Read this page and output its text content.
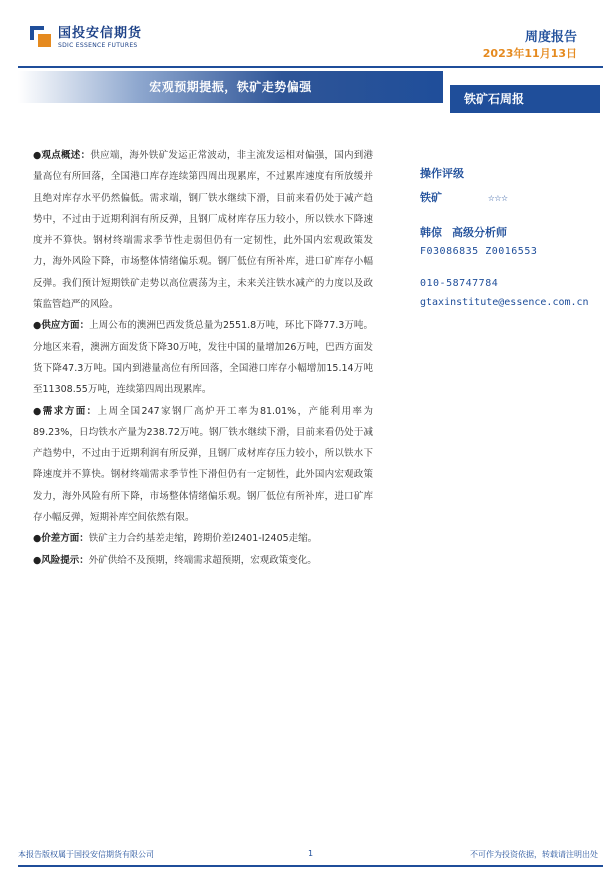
国投安信期货
SDIC ESSENCE FUTURES
周度报告
2023年11月13日
宏观预期提振，铁矿走势偏强
铁矿石周报

●观点概述：供应端，海外铁矿发运正常波动，非主流发运相对偏强，国内到港量高位有所回落，全国港口库存连续第四周出现累库，不过累库速度有所放缓并且绝对库存水平仍然偏低。需求端，钢厂铁水继续下滑，目前来看仍处于减产趋势中，不过由于近期利润有所反弹，且钢厂成材库存压力较小，所以铁水下降速度并不算快。钢材终端需求季节性走弱但仍有一定韧性，此外国内宏观政策发力，海外风险下降，市场整体情绪偏乐观。钢厂低位有所补库，进口矿库存小幅反弹。我们预计短期铁矿走势以高位震荡为主，未来关注铁水减产的力度以及政策监管趋严的风险。

●供应方面：上周公布的澳洲巴西发货总量为2551.8万吨，环比下降77.3万吨。分地区来看，澳洲方面发货下降30万吨，发往中国的量增加26万吨，巴西方面发货下降47.3万吨。国内到港量高位有所回落，全国港口库存小幅增加15.14万吨至11308.55万吨，连续第四周出现累库。

●需求方面：上周全国247家钢厂高炉开工率为81.01%，产能利用率为89.23%，日均铁水产量为238.72万吨。钢厂铁水继续下滑，目前来看仍处于减产趋势中，不过由于近期利润有所反弹，且钢厂成材库存压力较小，所以铁水下降速度并不算快。钢材终端需求季节性下滑但仍有一定韧性，此外国内宏观政策发力，海外风险有所下降，市场整体情绪偏乐观。钢厂低位有所补库，进口矿库存小幅反弹，短期补库空间依然有限。

●价差方面：铁矿主力合约基差走缩，跨期价差I2401-I2405走缩。

●风险提示：外矿供给不及预期，终端需求超预期，宏观政策变化。

操作评级
铁矿	☆☆☆
韩倞 高级分析师
F03086835 Z0016553
010-58747784
gtaxinstitute@essence.com.cn
本报告版权属于国投安信期货有限公司	1	不可作为投资依据，转载请注明出处
